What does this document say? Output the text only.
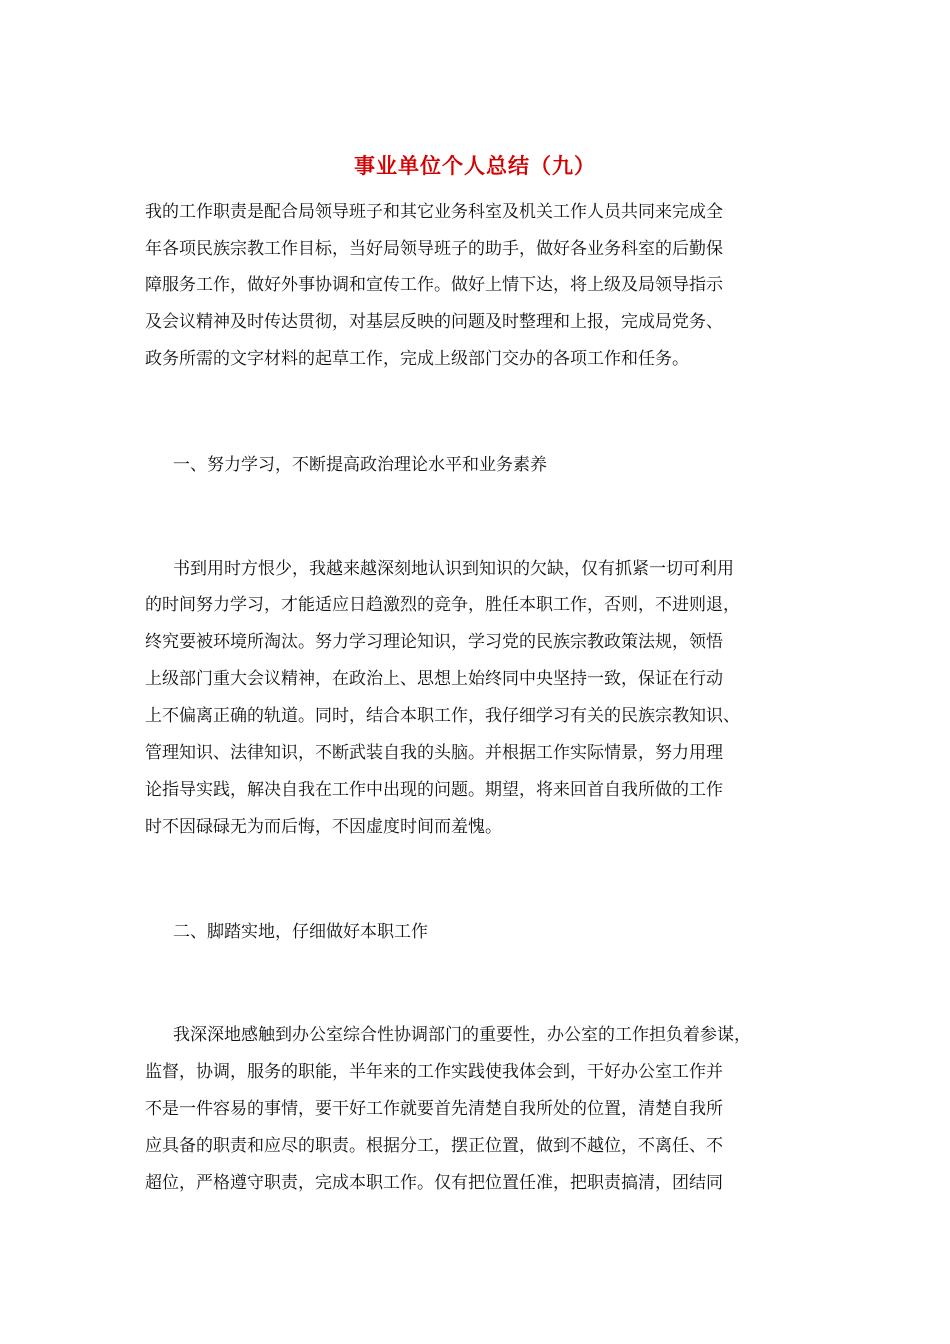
事业单位个人总结（九）
我的工作职责是配合局领导班子和其它业务科室及机关工作人员共同来完成全
年各项民族宗教工作目标，当好局领导班子的助手，做好各业务科室的后勤保
障服务工作，做好外事协调和宣传工作。做好上情下达，将上级及局领导指示
及会议精神及时传达贯彻，对基层反映的问题及时整理和上报，完成局党务、
政务所需的文字材料的起草工作，完成上级部门交办的各项工作和任务。
一、努力学习，不断提高政治理论水平和业务素养
书到用时方恨少，我越来越深刻地认识到知识的欠缺，仅有抓紧一切可利用
的时间努力学习，才能适应日趋激烈的竞争，胜任本职工作，否则，不进则退，
终究要被环境所淘汰。努力学习理论知识，学习党的民族宗教政策法规，领悟
上级部门重大会议精神，在政治上、思想上始终同中央坚持一致，保证在行动
上不偏离正确的轨道。同时，结合本职工作，我仔细学习有关的民族宗教知识、
管理知识、法律知识，不断武装自我的头脑。并根据工作实际情景，努力用理
论指导实践，解决自我在工作中出现的问题。期望，将来回首自我所做的工作
时不因碌碌无为而后悔，不因虚度时间而羞愧。
二、脚踏实地，仔细做好本职工作
我深深地感触到办公室综合性协调部门的重要性，办公室的工作担负着参谋，
监督，协调，服务的职能，半年来的工作实践使我体会到，干好办公室工作并
不是一件容易的事情，要干好工作就要首先清楚自我所处的位置，清楚自我所
应具备的职责和应尽的职责。根据分工，摆正位置，做到不越位，不离任、不
超位，严格遵守职责，完成本职工作。仅有把位置任准，把职责搞清，团结同
